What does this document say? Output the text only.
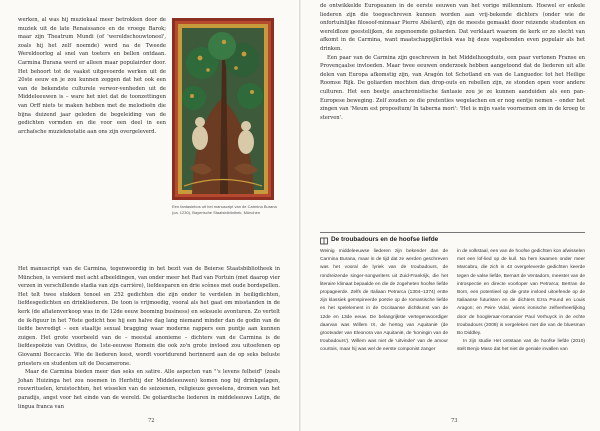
werken, al was hij muziekaal meer betrokken door de muziek uit de late Renaissance en de vroege Barok; maar zijn Theatrum Mundi (of 'wereldschouwtoneel', zoals hij het zelf noemde) werd na de Tweede Wereldoorlog al snel van toeters en bellen ontdaan. Carmina Burana werd er alleen maar populairder door. Het behoort tot de vaakst uitgevoerde werken uit de 20ste eeuw en je zou kunnen zeggen dat het ook een van de bekendste culturele verwor-venheden uit de Middeleeuwen is – ware het niet dat de toonzettingen van Orff niets te maken hebben met de melodieën die bijna duizend jaar geleden de begeleiding van de gedichten vormden en die voor een deel in een archaïsche muzieknotatie aan ons zijn overgeleverd.

Een fantasiebos uit het manuscript van de Carmina Burana (ca. 1230), Bayerische Staatsbibliothek, München

Het manuscript van de Carmina, tegenwoordig in het bezit van de Beierse Staatsbibliotheek in München, is versierd met acht afbeeldingen, van onder meer het Rad van Fortuin (met daarop vier verzen in verschillende stadia van zijn carrière), liefdesparen en drie scènes met oude bordspellen. Het telt twee stukken tenoel en 252 gedichten die zijn onder te verdelen in heiligdichten, liefdesgedichten en drinkliederen. De toon is vrijmoedig, vooral als het gaat om misstanden in de kerk (de aflatenverkoop was in de 12de eeuw booming business) en seksuele avonturen. Zo vertelt de ik-figuur in het 76ste gedicht hoe hij een halve dag lang niemand minder dan de godin van de liefde bevredigt – een staaltje sexual bragging waar moderne rappers een puntje aan kunnen zuigen. Het grote voorbeeld van de – meestal anonieme – dichters van de Carmina is de liefdespoëzie van Ovidius, de 1ste-eeuwse Romein die ook zo'n grote invloed zou uitoefenen op Giovanni Boccaccio. Wie de liederen leest, wordt voortdurend herinnerd aan de op seks beluste priesters en studenten uit de Decamerone.

Maar de Carmina bieden meer dan seks en satire. Alle aspecten van "'s levens felheid" (zoals Johan Huizinga het zou noemen in Herfsttij der Middeleeuwen) komen nog bij drinkgelagen, rouwrituelen, kruistochten, het wisselen van de seizoenen, religieuze gevoelens, dromen van het paradijs, angst voor het einde van de wereld. De goliardische liederen in middeleeuws Latijn, de lingua franca van

72

de ontwikkelde Europeanen in de eerste eeuwen van het vorige millennium. Hoewel er enkele liederen zijn die toegeschreven kunnen worden aan vrij-bekende dichters (onder wie de onfortuinlijke filosoof-minnaar Pierre Abélard), zijn de meeste gemaakt door reizende studenten en wereldloze geestelijken, de zogenoemde goliarden. Dat verklaart waarom de kerk er zo slecht van afkomt in de Carmina, want maatschappijkritiek was bij deze vagebonden even populair als het drinken.

Een paar van de Carmina zijn geschreven in het Middelhoogduits, een paar vertonen Franse en Provençaalse invloeden. Maar twee eeuwen onderzoek hebben aangetoond dat de liederen uit alle delen van Europa afkomstig zijn, van Aragón tot Schotland en van de Languedoc tot het Heilige Roomse Rijk. De goliarden mochten dan drop-outs en rebellen zijn, ze stonden open voor andere culturen. Het een beetje anachronistische fantasie zou je ze kunnen aanduiden als een pan-Europese beweging. Zelf zouden ze die pretenties wegelachen en er nog eentje nemen – onder het zingen van 'Meum est propositum/ In taberna mori': 'Het is mijn vaste voornemen om in de kroeg te sterven'.

De troubadours en de hoofse liefde

Weinig middeleeuwse liederen zijn bekender dan de Carmina Burana, maar in de tijd dat ze werden geschreven was het vooral de lyriek van de troubadours, de rondreizende singer-songwriters uit Zuid-Frankrijk, die het literaire klimaat bepaalde en die de zogeheten hoofse liefde propageerde. Zelfs de Italiaan Petrarca (1304–1374) entte zijn klassiek geïnspireerde poëzie op de romantische liefde en het spelelement in de Occitaanse dichtkunst van de 12de en 13de eeuw. De belangrijkste vertegenwoordiger daarvan was Willem IX, de hertog van Aquitanië (de grootvader van Eleonora van Aquitanië, de 'koningin van de troubadours'). Willem was niet de 'uitvinder' van de amour courtois, maar hij was wel de eerste componist zanger

in de volkstaal, een van de hoofse gedichten kon afwisselen met een lof-lied op de kuil. Na hem kwamen onder meer Marcabru, die zich in 43 overgeleverde gedichten keerde tegen de valse liefde, Bernart de Ventadorn, meester van de introspectie en directe voorloper van Petrarca; Bertran de Born, een potentieel op die grote invloed uitoefende op de Italiaanse futuristen en de dichters Ezra Pound en Louis Aragon; en Peire Vidal, wiens ironische zelfverheerlijking door de hoogleraar-romancier Paul Verhuyck in de echte troubadours (2008) is vergeleken met die van de bluesman Bo Diddley.

In zijn studie Het ontstaan van de hoofse liefde (2010) stelt Benjo Maso dat het niet de geniale invallen van

73
